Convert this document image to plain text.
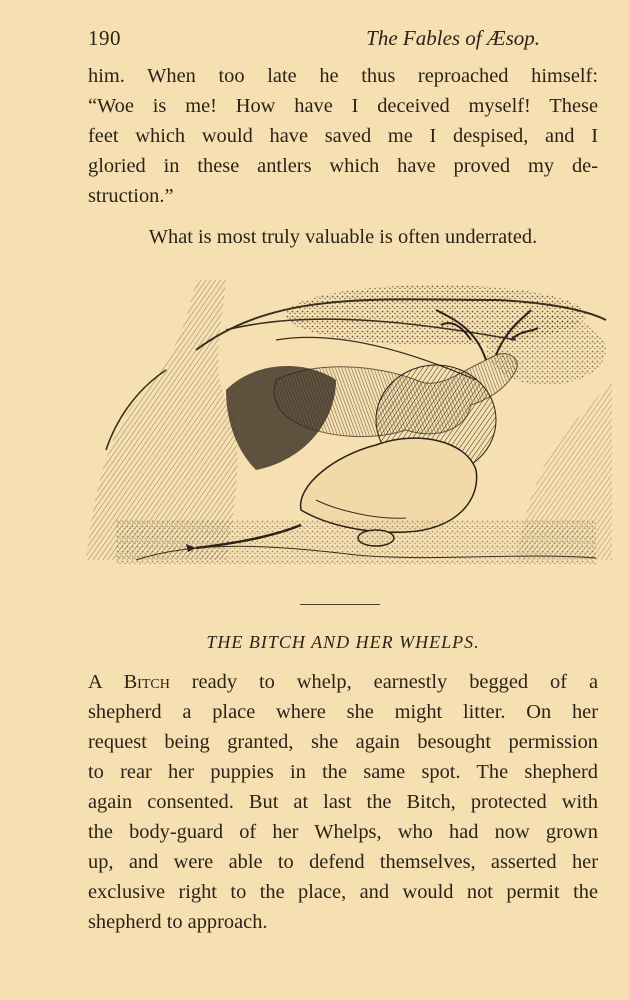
190	The Fables of Æsop.
him. When too late he thus reproached himself:
“Woe is me! How have I deceived myself! These
feet which would have saved me I despised, and I
gloried in these antlers which have proved my de-
struction.”
What is most truly valuable is often underrated.
THE BITCH AND HER WHELPS.
A Bitch ready to whelp, earnestly begged of a
shepherd a place where she might litter. On her
request being granted, she again besought permission
to rear her puppies in the same spot. The shepherd
again consented. But at last the Bitch, protected with
the body-guard of her Whelps, who had now grown
up, and were able to defend themselves, asserted her
exclusive right to the place, and would not permit the
shepherd to approach.
